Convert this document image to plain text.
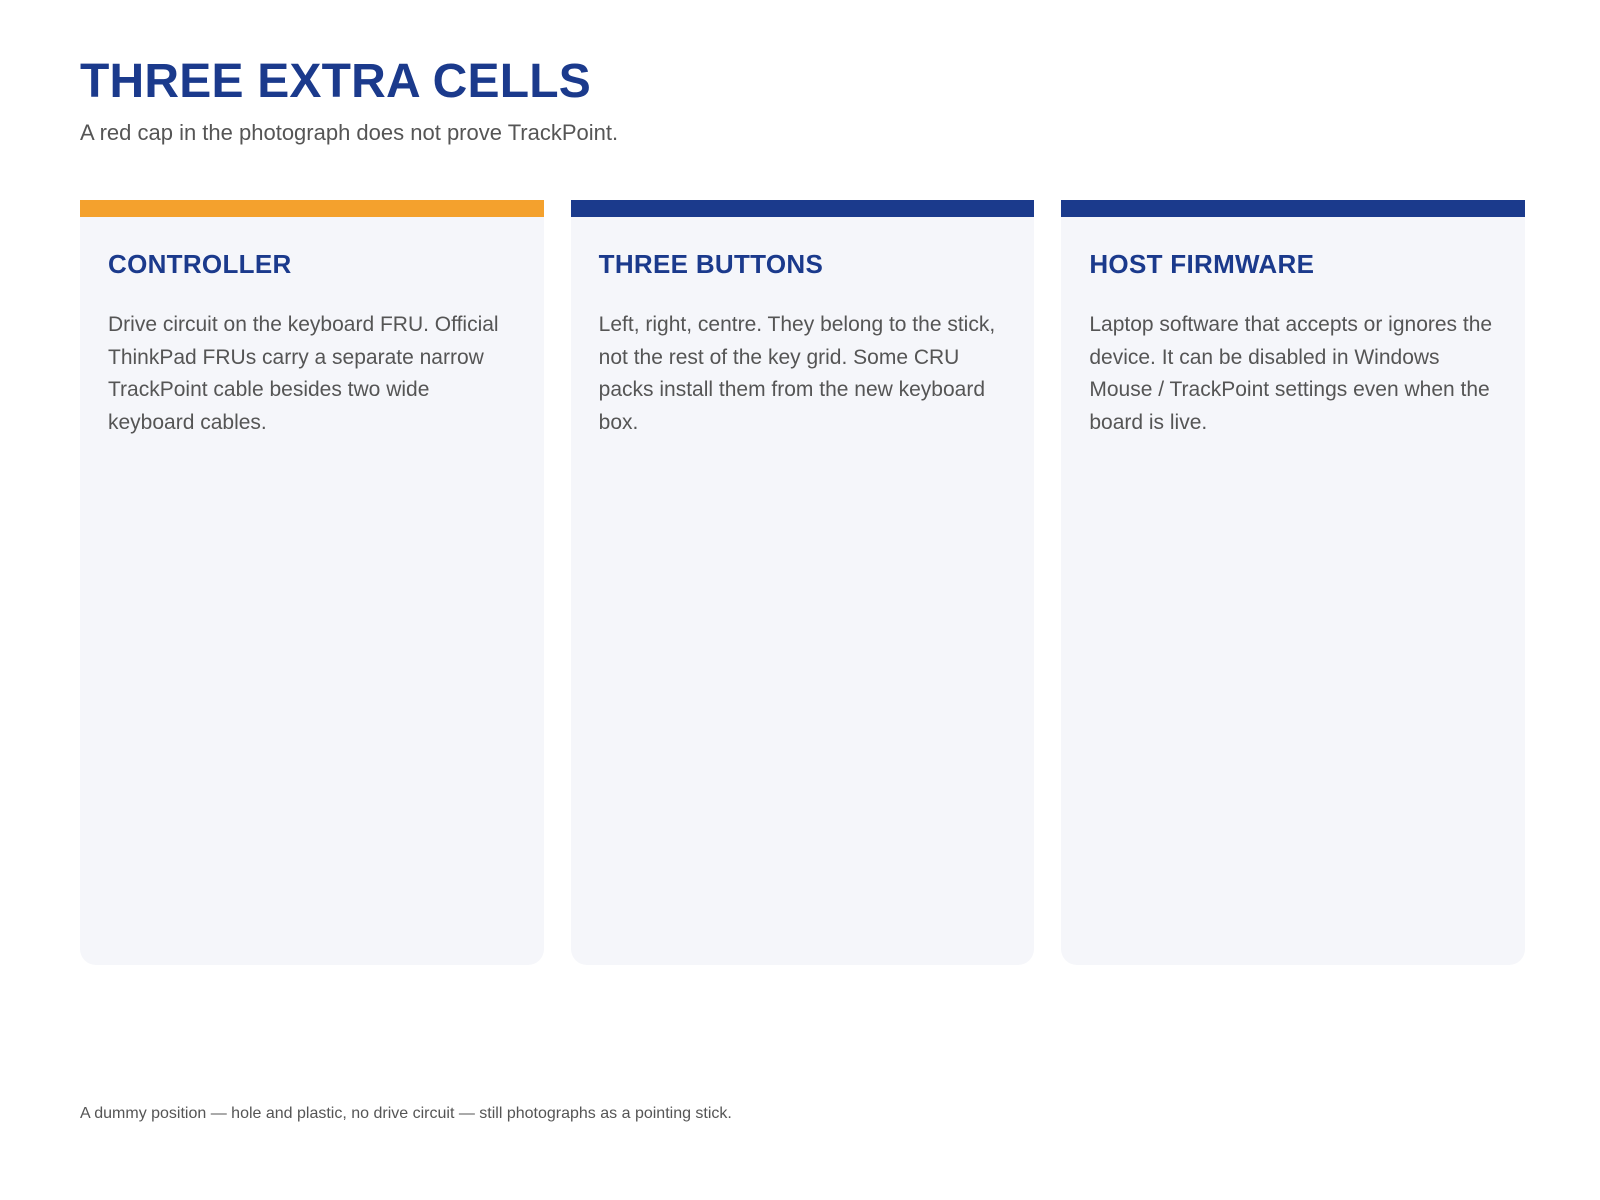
THREE EXTRA CELLS

A red cap in the photograph does not prove TrackPoint.

CONTROLLER

Drive circuit on the keyboard FRU. Official ThinkPad FRUs carry a separate narrow TrackPoint cable besides two wide keyboard cables.

THREE BUTTONS

Left, right, centre. They belong to the stick, not the rest of the key grid. Some CRU packs install them from the new keyboard box.

HOST FIRMWARE

Laptop software that accepts or ignores the device. It can be disabled in Windows Mouse / TrackPoint settings even when the board is live.

A dummy position — hole and plastic, no drive circuit — still photographs as a pointing stick.
